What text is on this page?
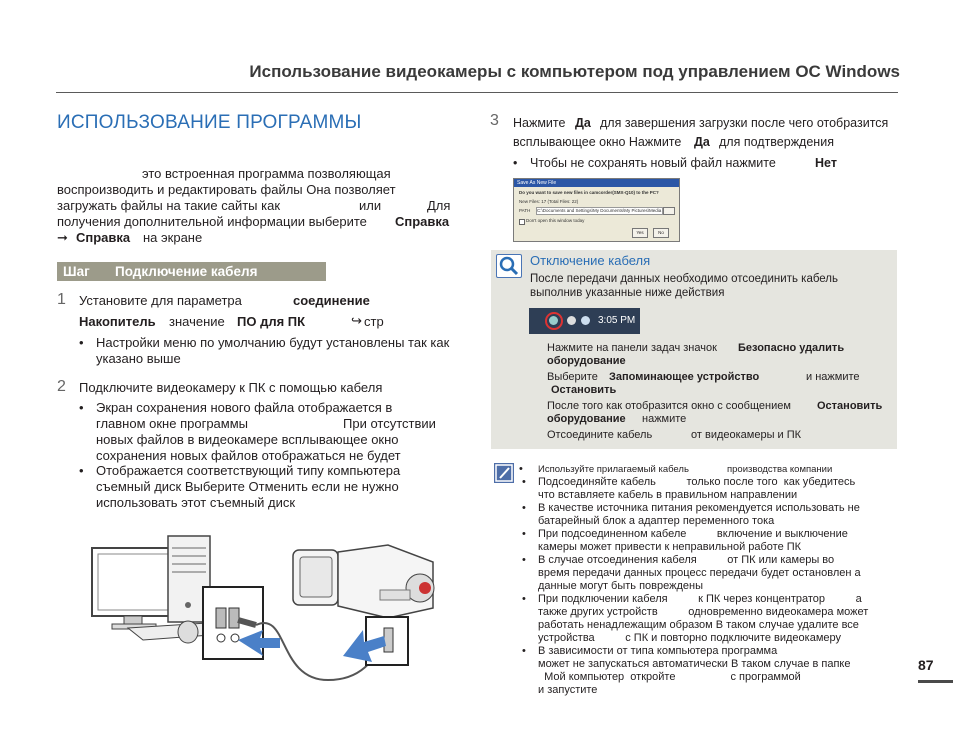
Использование видеокамеры с компьютером под управлением ОС Windows
ИСПОЛЬЗОВАНИЕ ПРОГРАММЫ
это встроенная программа позволяющая
воспроизводить и редактировать файлы Она позволяет
загружать файлы на такие сайты как	или	Для
получения дополнительной информации выберите Справка
➞ Справка на экране
Шаг Подключение кабеля
1 Установите для параметра	соединение
Накопитель значение ПО для ПК	↪ стр
• Настройки меню по умолчанию будут установлены так как указано выше
2 Подключите видеокамеру к ПК с помощью кабеля
• Экран сохранения нового файла отображается в
главном окне программы	При отсутствии
новых файлов в видеокамере всплывающее окно
сохранения новых файлов отображаться не будет
• Отображается соответствующий типу компьютера
съемный диск Выберите Отменить если не нужно
использовать этот съемный диск
3 Нажмите Да для завершения загрузки после чего отобразится
всплывающее окно Нажмите Да для подтверждения
• Чтобы не сохранять новый файл нажмите	Нет
Save As New File
Do you want to save new files in camcorder(SMX-Q10) to the PC?
New Files: 17 (Total Files: 22)
PATH C:\Documents and Settings\My Documents\My Pictures\Media
Don't open this window today
Yes	No
Отключение кабеля
После передачи данных необходимо отсоединить кабель
выполнив указанные ниже действия
3:05 PM
Нажмите на панели задач значок Безопасно удалить
оборудование
Выберите Запоминающее устройство	и нажмите
Остановить
После того как отобразится окно с сообщением Остановить
оборудование нажмите
Отсоедините кабель	от видеокамеры и ПК
• Используйте прилагаемый кабель	производства компании
• Подсоединяйте кабель          только после того  как убедитесь
что вставляете кабель в правильном направлении
• В качестве источника питания рекомендуется использовать не
батарейный блок а адаптер переменного тока
• При подсоединенном кабеле          включение и выключение
камеры может привести к неправильной работе ПК
• В случае отсоединения кабеля          от ПК или камеры во
время передачи данных процесс передачи будет остановлен а
данные могут быть повреждены
• При подключении кабеля          к ПК через концентратор          а
также других устройств          одновременно видеокамера может
работать ненадлежащим образом В таком случае удалите все
устройства          с ПК и повторно подключите видеокамеру
• В зависимости от типа компьютера программа
может не запускаться автоматически В таком случае в папке
Мой компьютер  откройте                  с программой
и запустите
87
